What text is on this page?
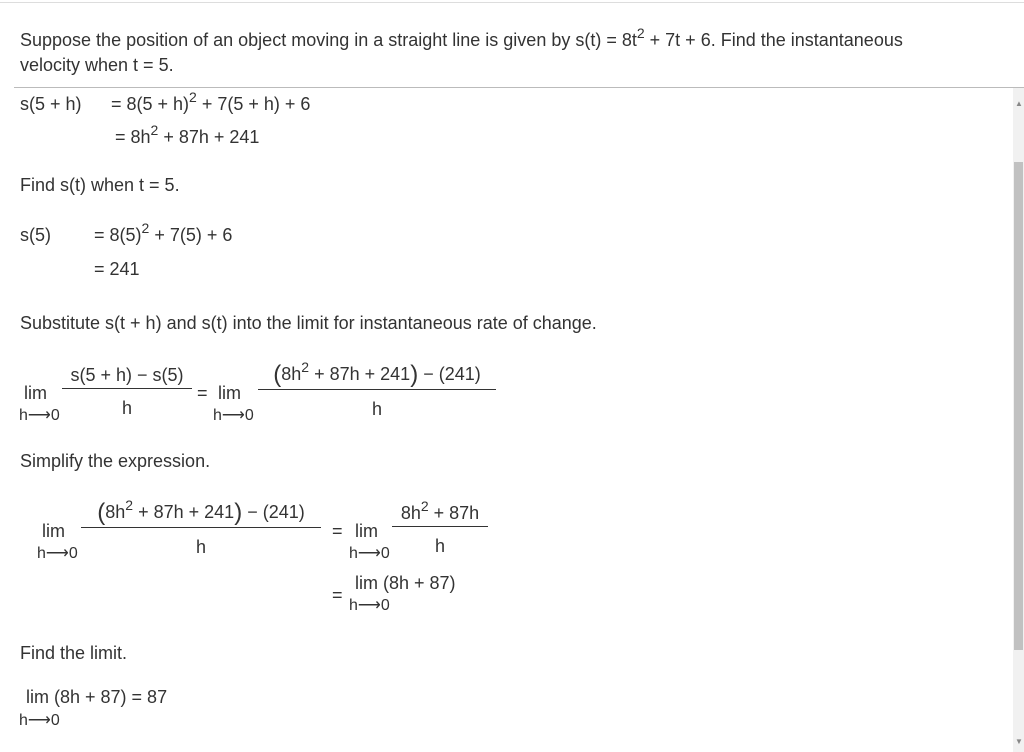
Suppose the position of an object moving in a straight line is given by $s(t) = 8t^2 + 7t + 6$. Find the instantaneous
velocity when t = 5.
$s(5 + h) = 8(5 + h)^2 + 7(5 + h) + 6$
= $8h^2 + 87h + 241$
Find s(t) when t = 5.
$s(5) = 8(5)^2 + 7(5) + 6$
= 241
Substitute s(t + h) and s(t) into the limit for instantaneous rate of change.
lim
h⟶0 $\frac{s(5 + h) - s(5)}{h} = \lim$
h⟶0 $\frac{(8h^2 + 87h + 241) - (241)}{h}$
Simplify the expression.
lim
h⟶0 $\frac{(8h^2 + 87h + 241) - (241)}{h} = \lim$
h⟶0 $\frac{8h^2 + 87h}{h}$
=
lim (8h + 87)
h⟶0
Find the limit.
lim (8h + 87) = 87
h⟶0
▲
▼
